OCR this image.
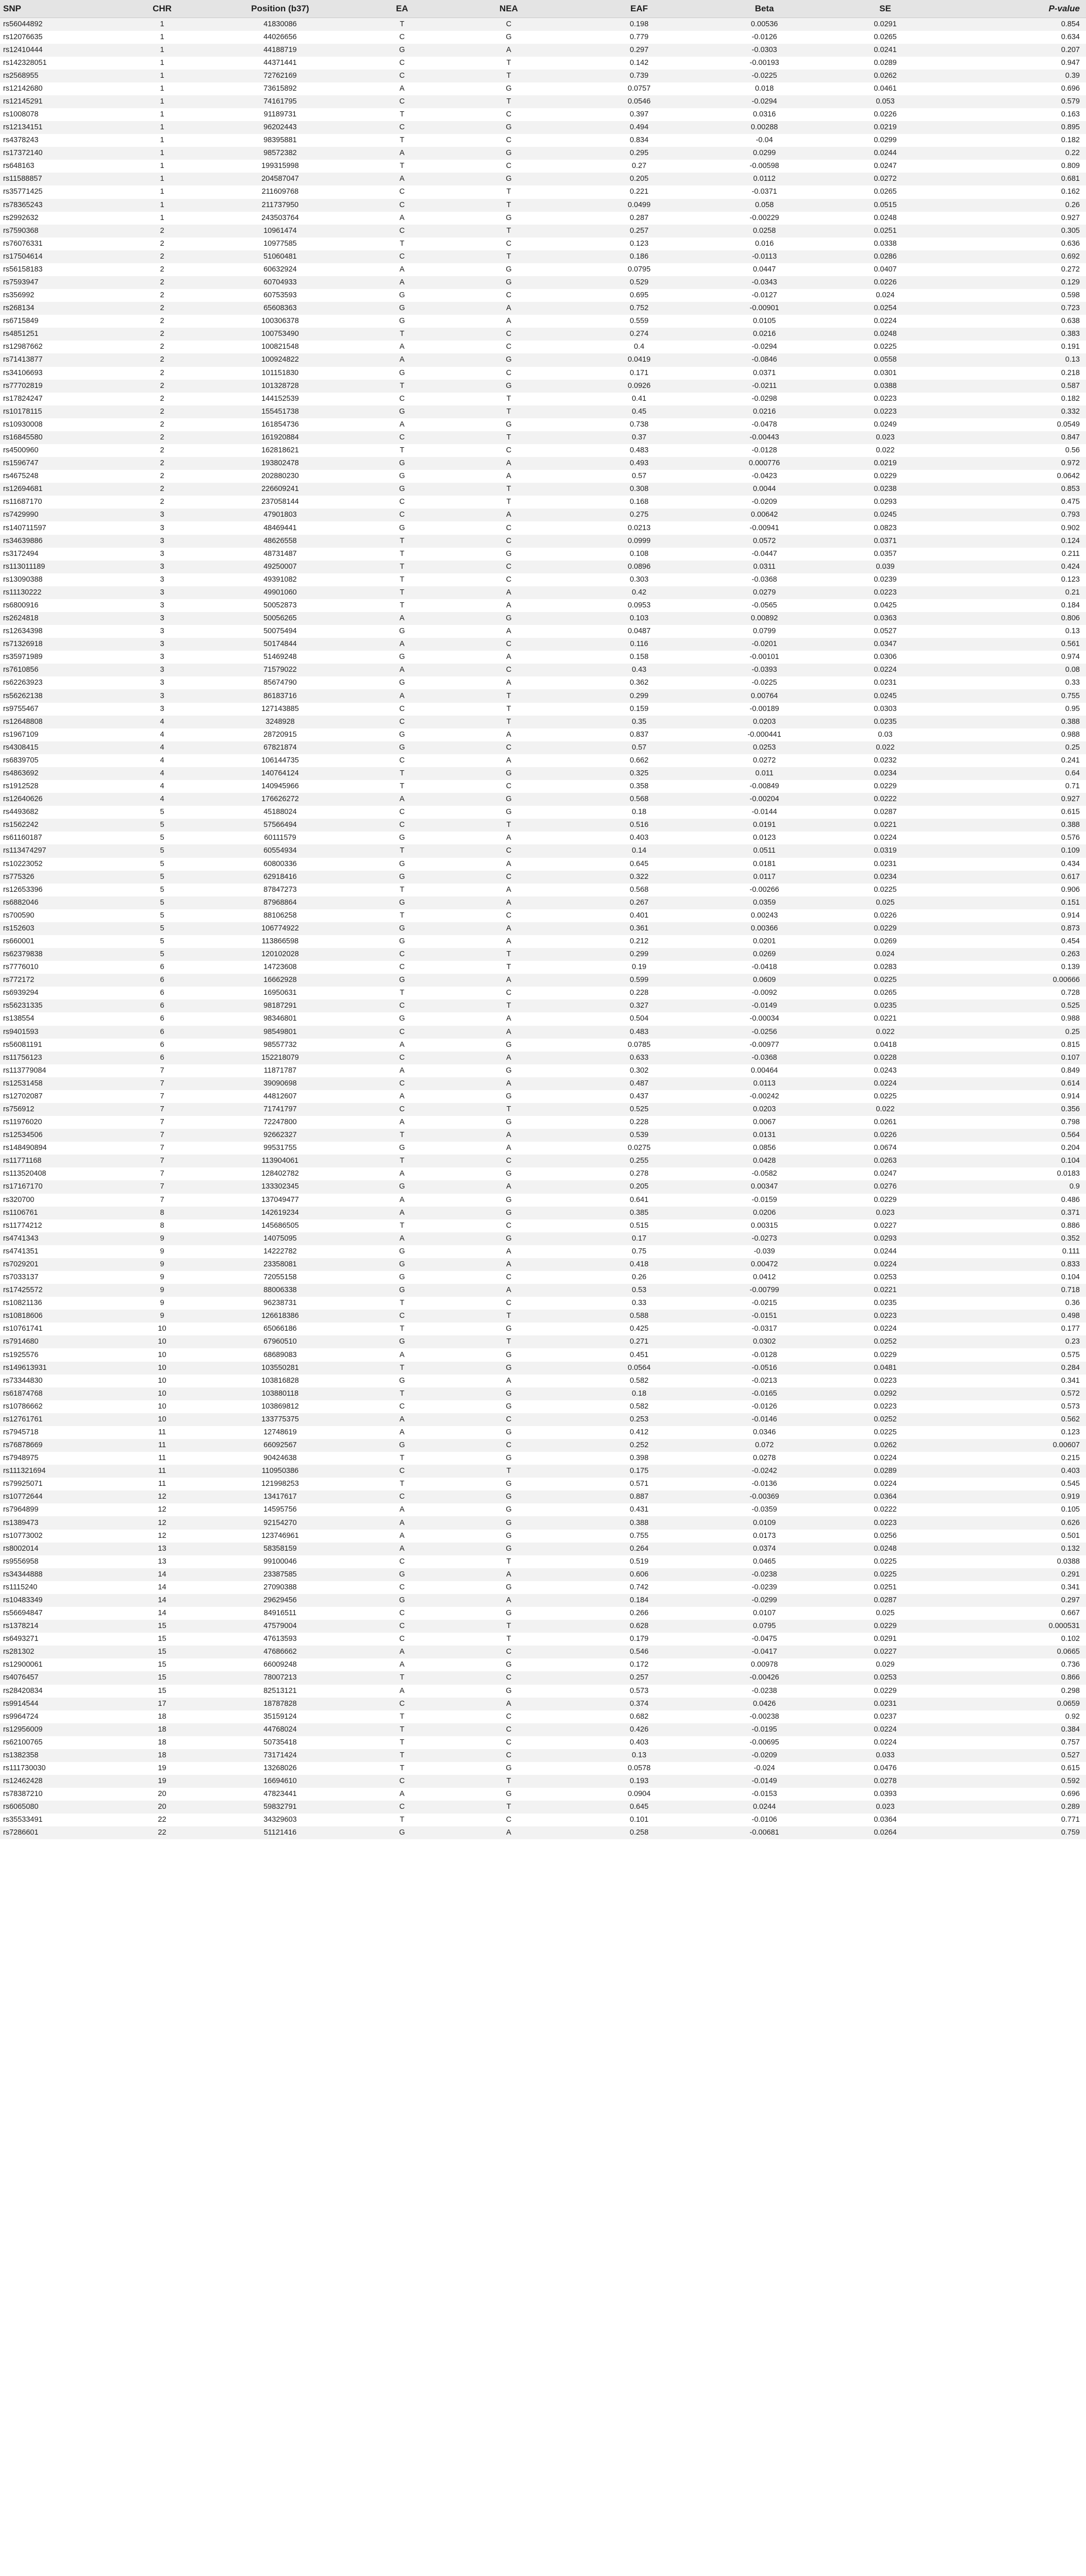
SNP	CHR	Position (b37)	EA	NEA	EAF	Beta	SE	P-value
rs56044892	1	41830086	T	C	0.198	0.00536	0.0291	0.854
rs12076635	1	44026656	C	G	0.779	-0.0126	0.0265	0.634
rs12410444	1	44188719	G	A	0.297	-0.0303	0.0241	0.207
rs142328051	1	44371441	C	T	0.142	-0.00193	0.0289	0.947
rs2568955	1	72762169	C	T	0.739	-0.0225	0.0262	0.39
rs12142680	1	73615892	A	G	0.0757	0.018	0.0461	0.696
rs12145291	1	74161795	C	T	0.0546	-0.0294	0.053	0.579
rs1008078	1	91189731	T	C	0.397	0.0316	0.0226	0.163
rs12134151	1	96202443	C	G	0.494	0.00288	0.0219	0.895
rs4378243	1	98395881	T	C	0.834	-0.04	0.0299	0.182
rs17372140	1	98572382	A	G	0.295	0.0299	0.0244	0.22
rs648163	1	199315998	T	C	0.27	-0.00598	0.0247	0.809
rs11588857	1	204587047	A	G	0.205	0.0112	0.0272	0.681
rs35771425	1	211609768	C	T	0.221	-0.0371	0.0265	0.162
rs78365243	1	211737950	C	T	0.0499	0.058	0.0515	0.26
rs2992632	1	243503764	A	G	0.287	-0.00229	0.0248	0.927
rs7590368	2	10961474	C	T	0.257	0.0258	0.0251	0.305
rs76076331	2	10977585	T	C	0.123	0.016	0.0338	0.636
rs17504614	2	51060481	C	T	0.186	-0.0113	0.0286	0.692
rs56158183	2	60632924	A	G	0.0795	0.0447	0.0407	0.272
rs7593947	2	60704933	A	G	0.529	-0.0343	0.0226	0.129
rs356992	2	60753593	G	C	0.695	-0.0127	0.024	0.598
rs268134	2	65608363	G	A	0.752	-0.00901	0.0254	0.723
rs6715849	2	100306378	G	A	0.559	0.0105	0.0224	0.638
rs4851251	2	100753490	T	C	0.274	0.0216	0.0248	0.383
rs12987662	2	100821548	A	C	0.4	-0.0294	0.0225	0.191
rs71413877	2	100924822	A	G	0.0419	-0.0846	0.0558	0.13
rs34106693	2	101151830	G	C	0.171	0.0371	0.0301	0.218
rs77702819	2	101328728	T	G	0.0926	-0.0211	0.0388	0.587
rs17824247	2	144152539	C	T	0.41	-0.0298	0.0223	0.182
rs10178115	2	155451738	G	T	0.45	0.0216	0.0223	0.332
rs10930008	2	161854736	A	G	0.738	-0.0478	0.0249	0.0549
rs16845580	2	161920884	C	T	0.37	-0.00443	0.023	0.847
rs4500960	2	162818621	T	C	0.483	-0.0128	0.022	0.56
rs1596747	2	193802478	G	A	0.493	0.000776	0.0219	0.972
rs4675248	2	202880230	G	A	0.57	-0.0423	0.0229	0.0642
rs12694681	2	226609241	G	T	0.308	0.0044	0.0238	0.853
rs11687170	2	237058144	C	T	0.168	-0.0209	0.0293	0.475
rs7429990	3	47901803	C	A	0.275	0.00642	0.0245	0.793
rs140711597	3	48469441	G	C	0.0213	-0.00941	0.0823	0.902
rs34639886	3	48626558	T	C	0.0999	0.0572	0.0371	0.124
rs3172494	3	48731487	T	G	0.108	-0.0447	0.0357	0.211
rs113011189	3	49250007	T	C	0.0896	0.0311	0.039	0.424
rs13090388	3	49391082	T	C	0.303	-0.0368	0.0239	0.123
rs11130222	3	49901060	T	A	0.42	0.0279	0.0223	0.21
rs6800916	3	50052873	T	A	0.0953	-0.0565	0.0425	0.184
rs2624818	3	50056265	A	G	0.103	0.00892	0.0363	0.806
rs12634398	3	50075494	G	A	0.0487	0.0799	0.0527	0.13
rs71326918	3	50174844	A	C	0.116	-0.0201	0.0347	0.561
rs35971989	3	51469248	G	A	0.158	-0.00101	0.0306	0.974
rs7610856	3	71579022	A	C	0.43	-0.0393	0.0224	0.08
rs62263923	3	85674790	G	A	0.362	-0.0225	0.0231	0.33
rs56262138	3	86183716	A	T	0.299	0.00764	0.0245	0.755
rs9755467	3	127143885	C	T	0.159	-0.00189	0.0303	0.95
rs12648808	4	3248928	C	T	0.35	0.0203	0.0235	0.388
rs1967109	4	28720915	G	A	0.837	-0.000441	0.03	0.988
rs4308415	4	67821874	G	C	0.57	0.0253	0.022	0.25
rs6839705	4	106144735	C	A	0.662	0.0272	0.0232	0.241
rs4863692	4	140764124	T	G	0.325	0.011	0.0234	0.64
rs1912528	4	140945966	T	C	0.358	-0.00849	0.0229	0.71
rs12640626	4	176626272	A	G	0.568	-0.00204	0.0222	0.927
rs4493682	5	45188024	C	G	0.18	-0.0144	0.0287	0.615
rs1562242	5	57566494	C	T	0.516	0.0191	0.0221	0.388
rs61160187	5	60111579	G	A	0.403	0.0123	0.0224	0.576
rs113474297	5	60554934	T	C	0.14	0.0511	0.0319	0.109
rs10223052	5	60800336	G	A	0.645	0.0181	0.0231	0.434
rs775326	5	62918416	G	C	0.322	0.0117	0.0234	0.617
rs12653396	5	87847273	T	A	0.568	-0.00266	0.0225	0.906
rs6882046	5	87968864	G	A	0.267	0.0359	0.025	0.151
rs700590	5	88106258	T	C	0.401	0.00243	0.0226	0.914
rs152603	5	106774922	G	A	0.361	0.00366	0.0229	0.873
rs660001	5	113866598	G	A	0.212	0.0201	0.0269	0.454
rs62379838	5	120102028	C	T	0.299	0.0269	0.024	0.263
rs7776010	6	14723608	C	T	0.19	-0.0418	0.0283	0.139
rs772172	6	16662928	G	A	0.599	0.0609	0.0225	0.00666
rs6939294	6	16950631	T	C	0.228	-0.0092	0.0265	0.728
rs56231335	6	98187291	C	T	0.327	-0.0149	0.0235	0.525
rs138554	6	98346801	G	A	0.504	-0.00034	0.0221	0.988
rs9401593	6	98549801	C	A	0.483	-0.0256	0.022	0.25
rs56081191	6	98557732	A	G	0.0785	-0.00977	0.0418	0.815
rs11756123	6	152218079	C	A	0.633	-0.0368	0.0228	0.107
rs113779084	7	11871787	A	G	0.302	0.00464	0.0243	0.849
rs12531458	7	39090698	C	A	0.487	0.0113	0.0224	0.614
rs12702087	7	44812607	A	G	0.437	-0.00242	0.0225	0.914
rs756912	7	71741797	C	T	0.525	0.0203	0.022	0.356
rs11976020	7	72247800	A	G	0.228	0.0067	0.0261	0.798
rs12534506	7	92662327	T	A	0.539	0.0131	0.0226	0.564
rs148490894	7	99531755	G	A	0.0275	0.0856	0.0674	0.204
rs11771168	7	113904061	T	C	0.255	0.0428	0.0263	0.104
rs113520408	7	128402782	A	G	0.278	-0.0582	0.0247	0.0183
rs17167170	7	133302345	G	A	0.205	0.00347	0.0276	0.9
rs320700	7	137049477	A	G	0.641	-0.0159	0.0229	0.486
rs1106761	8	142619234	A	G	0.385	0.0206	0.023	0.371
rs11774212	8	145686505	T	C	0.515	0.00315	0.0227	0.886
rs4741343	9	14075095	A	G	0.17	-0.0273	0.0293	0.352
rs4741351	9	14222782	G	A	0.75	-0.039	0.0244	0.111
rs7029201	9	23358081	G	A	0.418	0.00472	0.0224	0.833
rs7033137	9	72055158	G	C	0.26	0.0412	0.0253	0.104
rs17425572	9	88006338	G	A	0.53	-0.00799	0.0221	0.718
rs10821136	9	96238731	T	C	0.33	-0.0215	0.0235	0.36
rs10818606	9	126618386	C	T	0.588	-0.0151	0.0223	0.498
rs10761741	10	65066186	T	G	0.425	-0.0317	0.0224	0.177
rs7914680	10	67960510	G	T	0.271	0.0302	0.0252	0.23
rs1925576	10	68689083	A	G	0.451	-0.0128	0.0229	0.575
rs149613931	10	103550281	T	G	0.0564	-0.0516	0.0481	0.284
rs73344830	10	103816828	G	A	0.582	-0.0213	0.0223	0.341
rs61874768	10	103880118	T	G	0.18	-0.0165	0.0292	0.572
rs10786662	10	103869812	C	G	0.582	-0.0126	0.0223	0.573
rs12761761	10	133775375	A	C	0.253	-0.0146	0.0252	0.562
rs7945718	11	12748619	A	G	0.412	0.0346	0.0225	0.123
rs76878669	11	66092567	G	C	0.252	0.072	0.0262	0.00607
rs7948975	11	90424638	T	G	0.398	0.0278	0.0224	0.215
rs111321694	11	110950386	C	T	0.175	-0.0242	0.0289	0.403
rs79925071	11	121998253	T	G	0.571	-0.0136	0.0224	0.545
rs10772644	12	13417617	C	G	0.887	-0.00369	0.0364	0.919
rs7964899	12	14595756	A	G	0.431	-0.0359	0.0222	0.105
rs1389473	12	92154270	A	G	0.388	0.0109	0.0223	0.626
rs10773002	12	123746961	A	G	0.755	0.0173	0.0256	0.501
rs8002014	13	58358159	A	G	0.264	0.0374	0.0248	0.132
rs9556958	13	99100046	C	T	0.519	0.0465	0.0225	0.0388
rs34344888	14	23387585	G	A	0.606	-0.0238	0.0225	0.291
rs1115240	14	27090388	C	G	0.742	-0.0239	0.0251	0.341
rs10483349	14	29629456	G	A	0.184	-0.0299	0.0287	0.297
rs56694847	14	84916511	C	G	0.266	0.0107	0.025	0.667
rs1378214	15	47579004	C	T	0.628	0.0795	0.0229	0.000531
rs6493271	15	47613593	C	T	0.179	-0.0475	0.0291	0.102
rs281302	15	47686662	A	C	0.546	-0.0417	0.0227	0.0665
rs12900061	15	66009248	A	G	0.172	0.00978	0.029	0.736
rs4076457	15	78007213	T	C	0.257	-0.00426	0.0253	0.866
rs28420834	15	82513121	A	G	0.573	-0.0238	0.0229	0.298
rs9914544	17	18787828	C	A	0.374	0.0426	0.0231	0.0659
rs9964724	18	35159124	T	C	0.682	-0.00238	0.0237	0.92
rs12956009	18	44768024	T	C	0.426	-0.0195	0.0224	0.384
rs62100765	18	50735418	T	C	0.403	-0.00695	0.0224	0.757
rs1382358	18	73171424	T	C	0.13	-0.0209	0.033	0.527
rs111730030	19	13268026	T	G	0.0578	-0.024	0.0476	0.615
rs12462428	19	16694610	C	T	0.193	-0.0149	0.0278	0.592
rs78387210	20	47823441	A	G	0.0904	-0.0153	0.0393	0.696
rs6065080	20	59832791	C	T	0.645	0.0244	0.023	0.289
rs35533491	22	34329603	T	C	0.101	-0.0106	0.0364	0.771
rs7286601	22	51121416	G	A	0.258	-0.00681	0.0264	0.759
